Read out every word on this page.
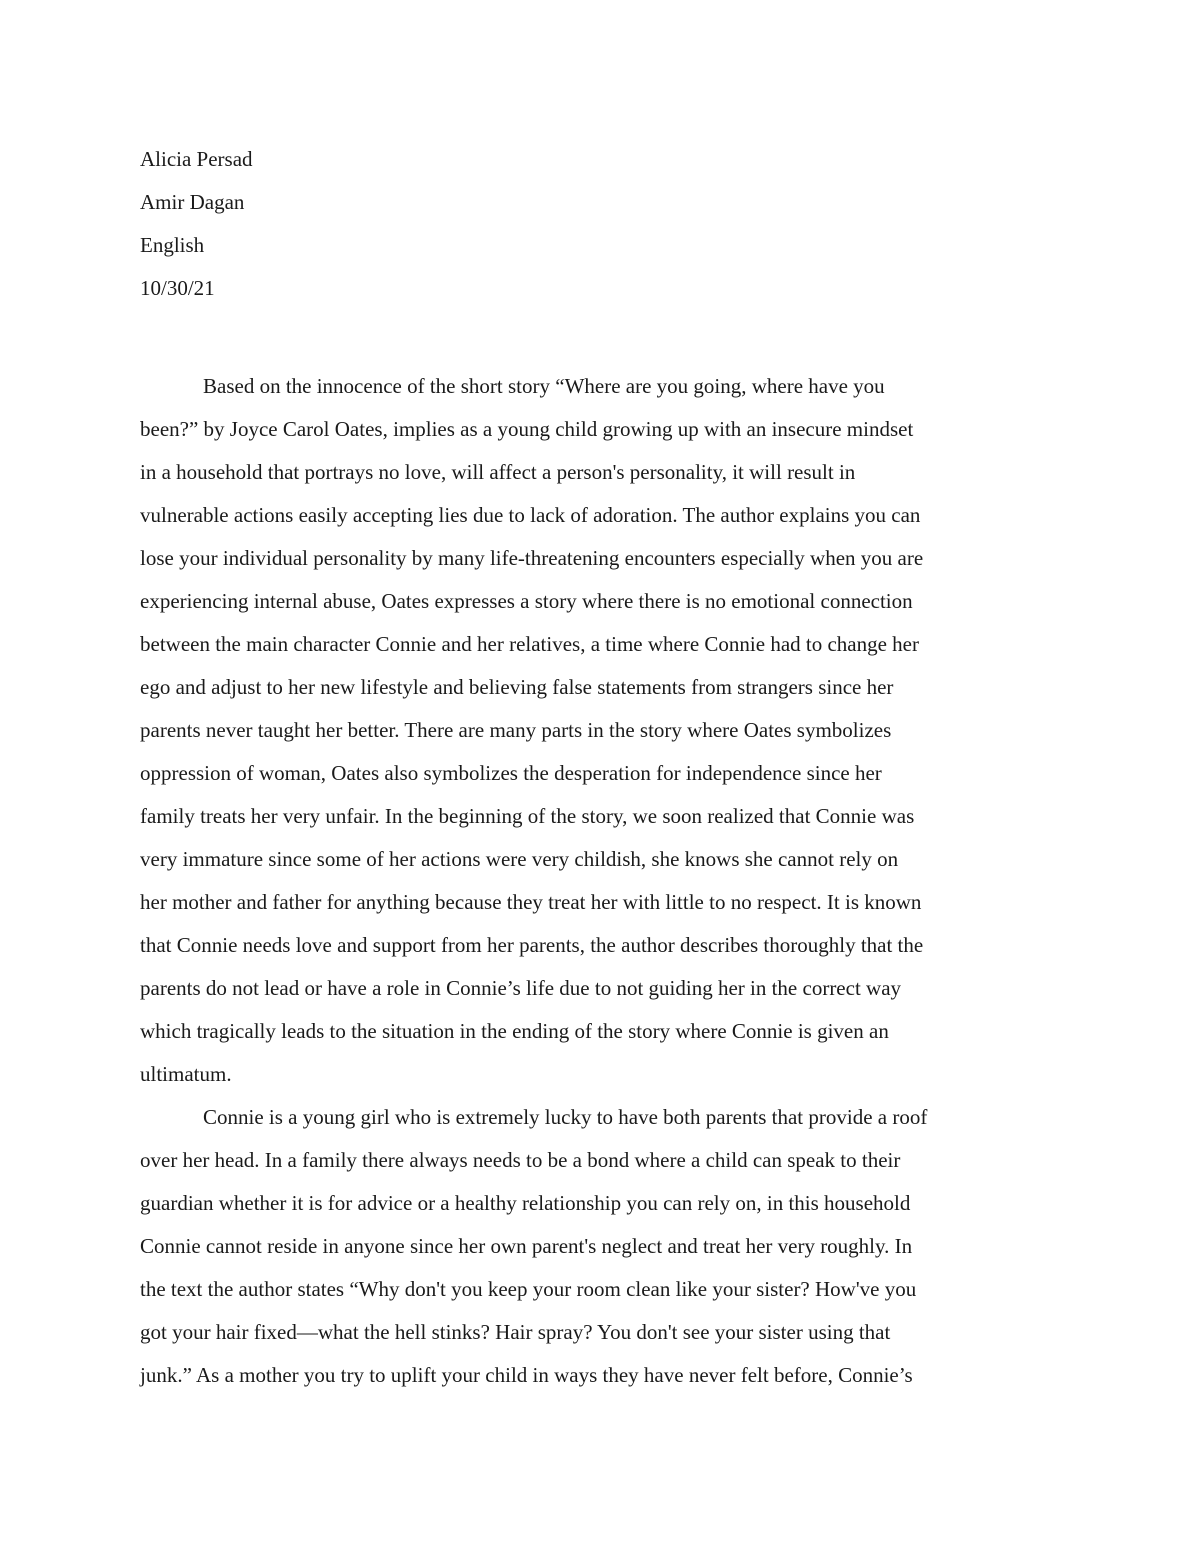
Alicia Persad
Amir Dagan
English
10/30/21
Based on the innocence of the short story “Where are you going, where have you
been?” by Joyce Carol Oates, implies as a young child growing up with an insecure mindset
in a household that portrays no love, will affect a person's personality, it will result in
vulnerable actions easily accepting lies due to lack of adoration. The author explains you can
lose your individual personality by many life-threatening encounters especially when you are
experiencing internal abuse, Oates expresses a story where there is no emotional connection
between the main character Connie and her relatives, a time where Connie had to change her
ego and adjust to her new lifestyle and believing false statements from strangers since her
parents never taught her better. There are many parts in the story where Oates symbolizes
oppression of woman, Oates also symbolizes the desperation for independence since her
family treats her very unfair. In the beginning of the story, we soon realized that Connie was
very immature since some of her actions were very childish, she knows she cannot rely on
her mother and father for anything because they treat her with little to no respect. It is known
that Connie needs love and support from her parents, the author describes thoroughly that the
parents do not lead or have a role in Connie’s life due to not guiding her in the correct way
which tragically leads to the situation in the ending of the story where Connie is given an
ultimatum.
Connie is a young girl who is extremely lucky to have both parents that provide a roof
over her head. In a family there always needs to be a bond where a child can speak to their
guardian whether it is for advice or a healthy relationship you can rely on, in this household
Connie cannot reside in anyone since her own parent's neglect and treat her very roughly. In
the text the author states “Why don't you keep your room clean like your sister? How've you
got your hair fixed—what the hell stinks? Hair spray? You don't see your sister using that
junk.” As a mother you try to uplift your child in ways they have never felt before, Connie’s
